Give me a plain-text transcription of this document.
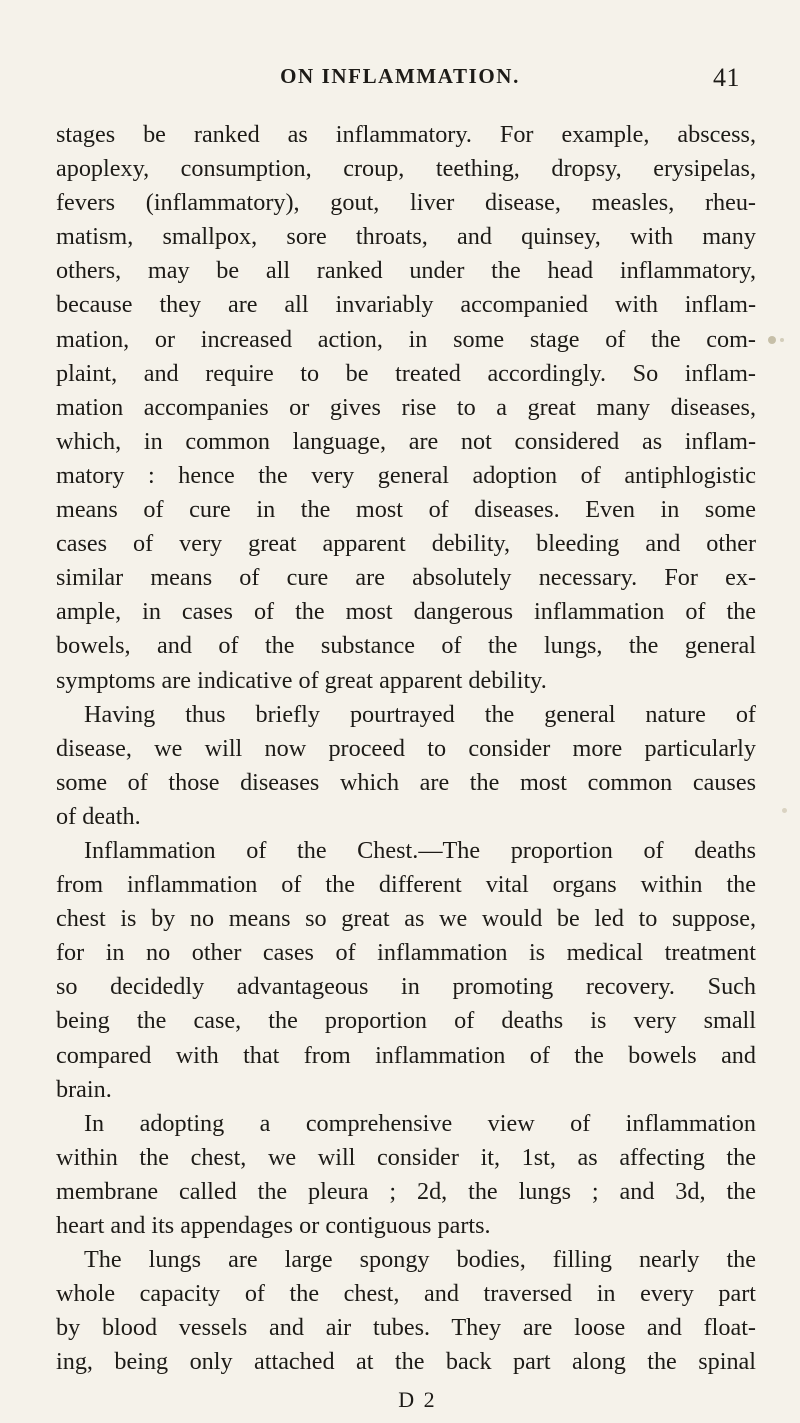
ON INFLAMMATION.	41
stages be ranked as inflammatory. For example, abscess,
apoplexy, consumption, croup, teething, dropsy, erysipelas,
fevers (inflammatory), gout, liver disease, measles, rheu-
matism, smallpox, sore throats, and quinsey, with many
others, may be all ranked under the head inflammatory,
because they are all invariably accompanied with inflam-
mation, or increased action, in some stage of the com-
plaint, and require to be treated accordingly. So inflam-
mation accompanies or gives rise to a great many diseases,
which, in common language, are not considered as inflam-
matory : hence the very general adoption of antiphlogistic
means of cure in the most of diseases. Even in some
cases of very great apparent debility, bleeding and other
similar means of cure are absolutely necessary. For ex-
ample, in cases of the most dangerous inflammation of the
bowels, and of the substance of the lungs, the general
symptoms are indicative of great apparent debility.
Having thus briefly pourtrayed the general nature of
disease, we will now proceed to consider more particularly
some of those diseases which are the most common causes
of death.
Inflammation of the Chest.—The proportion of deaths
from inflammation of the different vital organs within the
chest is by no means so great as we would be led to suppose,
for in no other cases of inflammation is medical treatment
so decidedly advantageous in promoting recovery. Such
being the case, the proportion of deaths is very small
compared with that from inflammation of the bowels and
brain.
In adopting a comprehensive view of inflammation
within the chest, we will consider it, 1st, as affecting the
membrane called the pleura ; 2d, the lungs ; and 3d, the
heart and its appendages or contiguous parts.
The lungs are large spongy bodies, filling nearly the
whole capacity of the chest, and traversed in every part
by blood vessels and air tubes. They are loose and float-
ing, being only attached at the back part along the spinal
D 2
